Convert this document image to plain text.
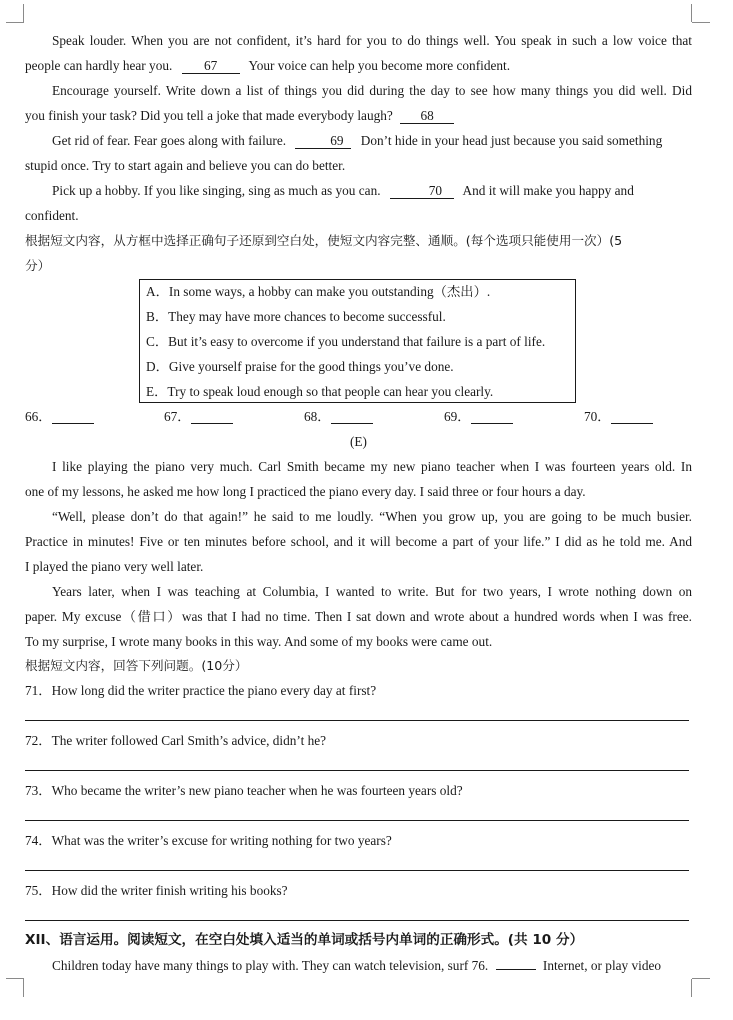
Speak louder. When you are not confident, it’s hard for you to do things well. You speak in such a low voice that
people can hardly hear you. 67 Your voice can help you become more confident.
Encourage yourself. Write down a list of things you did during the day to see how many things you did well. Did
you finish your task? Did you tell a joke that made everybody laugh? 68
Get rid of fear. Fear goes along with failure.	69 Don’t hide in your head just because you said something
stupid once. Try to start again and believe you can do better.
Pick up a hobby. If you like singing, sing as much as you can.	70 And it will make you happy and
confident.
根据短文内容，从方框中选择正确句子还原到空白处，使短文内容完整、通顺。(每个选项只能使用一次）(5
分）
A．In some ways, a hobby can make you outstanding（杰出）.
B．They may have more chances to become successful.
C．But it’s easy to overcome if you understand that failure is a part of life.
D．Give yourself praise for the good things you’ve done.
E．Try to speak loud enough so that people can hear you clearly.
66．	67．	68．	69．	70．
(E)
I like playing the piano very much. Carl Smith became my new piano teacher when I was fourteen years old. In
one of my lessons, he asked me how long I practiced the piano every day. I said three or four hours a day.
“Well, please don’t do that again!” he said to me loudly. “When you grow up, you are going to be much busier.
Practice in minutes! Five or ten minutes before school, and it will become a part of your life.” I did as he told me. And
I played the piano very well later.
Years later, when I was teaching at Columbia, I wanted to write. But for two years, I wrote nothing down on
paper. My excuse（借口）was that I had no time. Then I sat down and wrote about a hundred words when I was free.
To my surprise, I wrote many books in this way. And some of my books were came out.
根据短文内容，回答下列问题。(10分）
71．How long did the writer practice the piano every day at first?
72．The writer followed Carl Smith’s advice, didn’t he?
73．Who became the writer’s new piano teacher when he was fourteen years old?
74．What was the writer’s excuse for writing nothing for two years?
75．How did the writer finish writing his books?
XII、语言运用。阅读短文，在空白处填入适当的单词或括号内单词的正确形式。(共 10 分）
Children today have many things to play with. They can watch television, surf 76.	Internet, or play video
